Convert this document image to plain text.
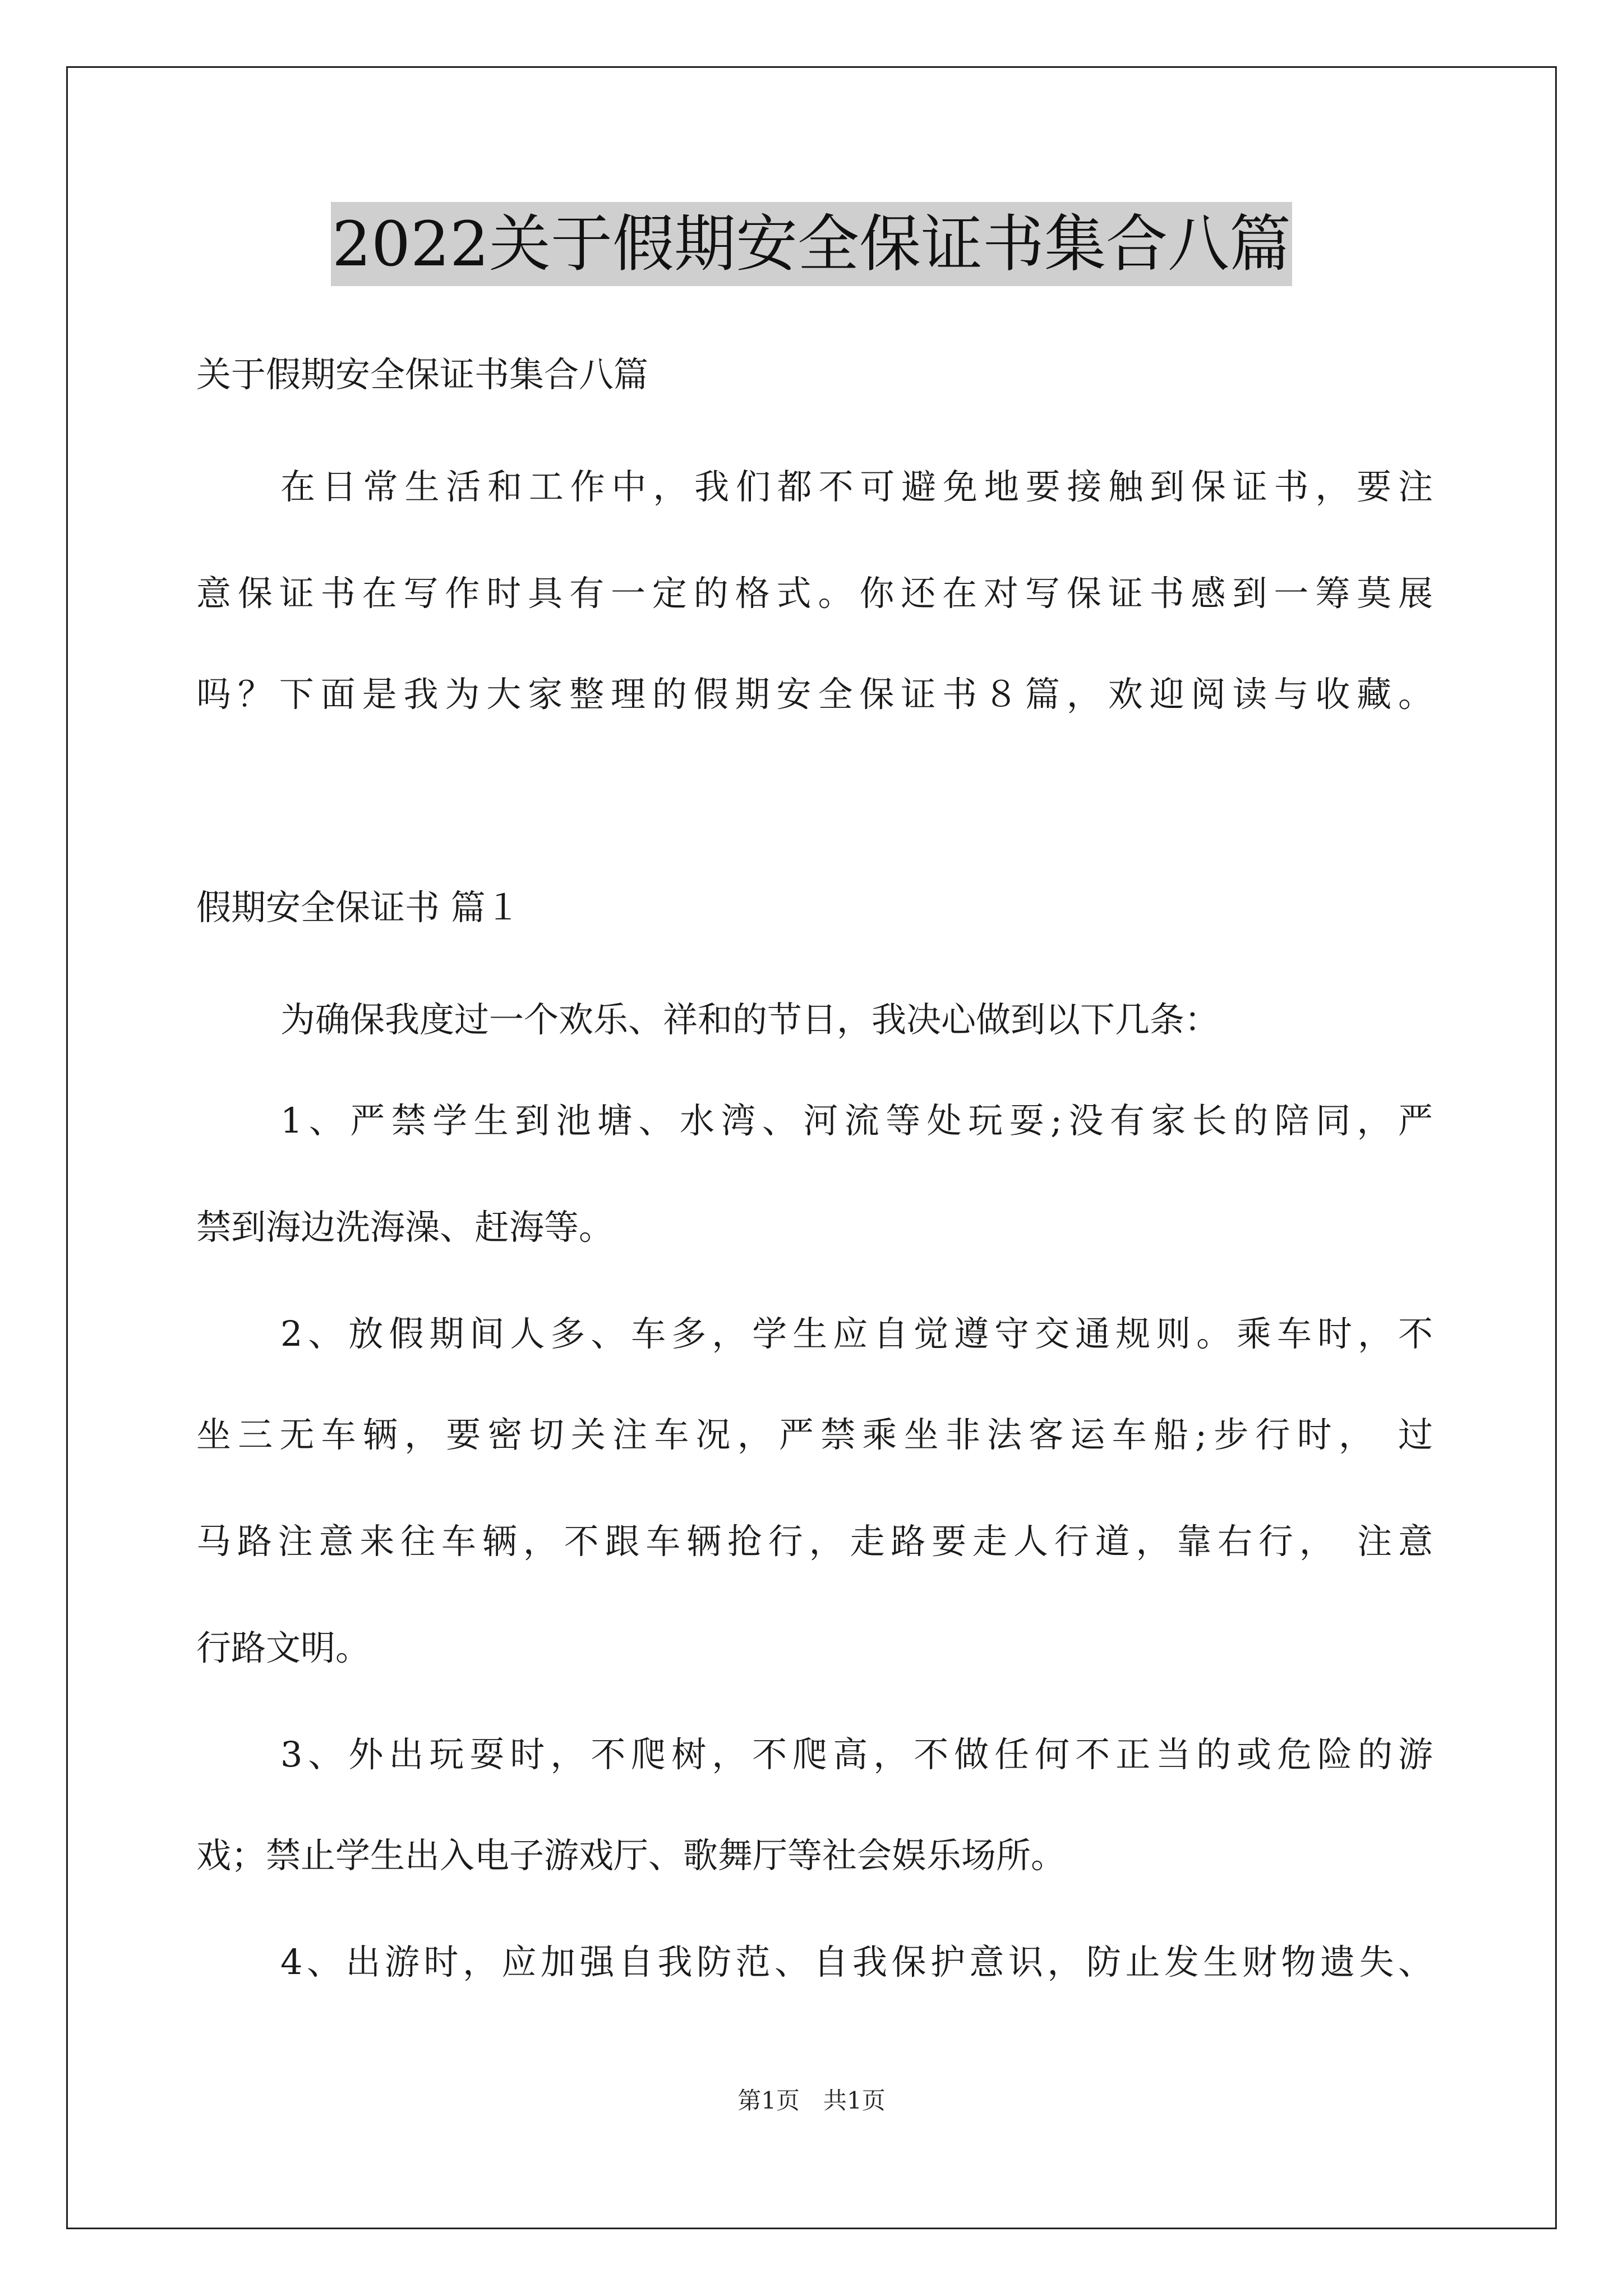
2022关于假期安全保证书集合八篇
关于假期安全保证书集合八篇
在日常生活和工作中，我们都不可避免地要接触到保证书，要注
意保证书在写作时具有一定的格式。你还在对写保证书感到一筹莫展
吗？下面是我为大家整理的假期安全保证书８篇，欢迎阅读与收藏。
假期安全保证书 篇１
为确保我度过一个欢乐、祥和的节日，我决心做到以下几条：
1、严禁学生到池塘、水湾、河流等处玩耍;没有家长的陪同，严
禁到海边洗海澡、赶海等。
2、放假期间人多、车多，学生应自觉遵守交通规则。乘车时，不
坐三无车辆，要密切关注车况，严禁乘坐非法客运车船;步行时， 过
马路注意来往车辆，不跟车辆抢行，走路要走人行道，靠右行， 注意
行路文明。
3、外出玩耍时，不爬树，不爬高，不做任何不正当的或危险的游
戏；禁止学生出入电子游戏厅、歌舞厅等社会娱乐场所。
4、出游时，应加强自我防范、自我保护意识，防止发生财物遗失、
第1页　共1页
